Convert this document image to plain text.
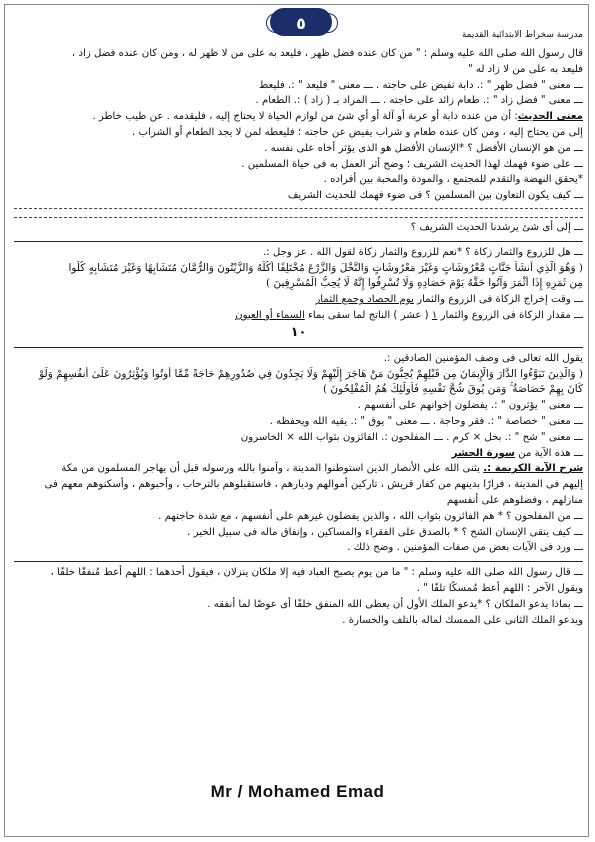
٥
مدرسة سخراط الابتدائية القديمة
قال رسول الله صلى الله عليه وسلم : " من كان عنده فضل ظهر ، فليعد به على من لا ظهر له ، ومن كان عنده فضل زاد ،
فليعد به على من لا زاد له "
ـــ معنى " فضل ظهر " :. دابة تفيض على حاجته . ـــ معنى " فليعد " :. فليعط
ـــ معنى " فضل زاد " :. طعام زائد على حاجته . ـــ المراد بـ ( زاد ) :. الطعام .
معنى الحديث: أن من عنده دابة أو عربة أو آلة أو أي شئ من لوازم الحياة لا يحتاج إليه ، فليقدمه . عن طيب خاطر .
إلى من يحتاج إليه ، ومن كان عنده طعام و شراب يفيض عن حاجته ؛ فليعطه لمن لا يجد الطعام أو الشراب .
ـــ من هو الإنسان الأفضل ؟ *الإنسان الأفضل هو الذى يؤثر أخاه على نفسه .
ـــ على ضوء فهمك لهذا الحديث الشريف ؛ وضح أثر العمل به فى حياة المسلمين .
*يحقق النهضة والتقدم للمجتمع ، والمودة والمحبة بين أفراده .
ـــ كيف يكون التعاون بين المسلمين ؟ فى ضوء فهمك للحديث الشريف
ـــ إلى أى شئ يرشدنا الحديث الشريف ؟
ـــ هل للزروع والثمار زكاة ؟ *نعم للزروع والثمار زكاة لقول الله . عز وجل :.
( وَهُوَ الَّذِي أَنشَأَ جَنَّاتٍ مَّعْرُوشَاتٍ وَغَيْرَ مَعْرُوشَاتٍ وَالنَّخْلَ وَالزَّرْعَ مُخْتَلِفًا أُكُلُهُ وَالزَّيْتُونَ وَالرُّمَّانَ مُتَشَابِهًا وَغَيْرَ مُتَشَابِهٍ كُلُوا
مِن ثَمَرِهِ إِذَا أَثْمَرَ وَآتُوا حَقَّهُ يَوْمَ حَصَادِهِ وَلَا تُسْرِفُوا إِنَّهُ لَا يُحِبُّ الْمُسْرِفِينَ )
ـــ وقت إخراج الزكاة فى الزروع والثمار يوم الحصاد وجمع الثمار
ـــ مقدار الزكاة فى الزروع والثمار ١ ( عشر ) الناتج لما سقى بماء السماء أو العيون
١٠
يقول الله تعالى فى وصف المؤمنين الصادقين :.
( وَالَّذِينَ تَبَوَّءُوا الدَّارَ وَالْإِيمَانَ مِن قَبْلِهِمْ يُحِبُّونَ مَنْ هَاجَرَ إِلَيْهِمْ وَلَا يَجِدُونَ فِي صُدُورِهِمْ حَاجَةً مِّمَّا أُوتُوا وَيُؤْثِرُونَ عَلَىٰ أَنفُسِهِمْ وَلَوْ
كَانَ بِهِمْ خَصَاصَةٌ ۚ وَمَن يُوقَ شُحَّ نَفْسِهِ فَأُولَٰئِكَ هُمُ الْمُفْلِحُونَ )
ـــ معنى " يؤثرون " :. يفضلون إخوانهم على أنفسهم .
ـــ معنى " خصاصة " :. فقر وحاجة . ـــ معنى " يوق " :. يقيه الله ويحفظه .
ـــ معنى " شح " :. بخل × كرم . ـــ المفلحون :. الفائزون بثواب الله × الخاسرون
ـــ هذه الآية من سورة الحشر
شرح الآية الكريمة :. يثنى الله على الأنصار الذين استوطنوا المدينة ، وآمنوا بالله ورسوله قبل أن يهاجر المسلمون من مكة
إليهم فى المدينة ، فرارًا بدينهم من كفار قريش ، تاركين أموالهم وديارهم ، فاستقبلوهم بالترحاب ، وأحبوهم ، وأسكنوهم معهم فى
منازلهم ، وفضلوهم على أنفسهم
ـــ من المفلحون ؟ * هم الفائزون بثواب الله ، والذين يفضلون غيرهم على أنفسهم ، مع شدة حاجتهم .
ـــ كيف يتقى الإنسان الشح ؟ * بالصدق على الفقراء والمساكين ، وإنفاق ماله فى سبيل الخير .
ـــ ورد فى الآيات بعض من صفات المؤمنين . وضح ذلك .
ـــ قال رسول الله صلى الله عليه وسلم : " ما من يوم يصبح العباد فيه إلا ملكان ينزلان ، فيقول أحدهما : اللهم أعط مُنفقًا خلفًا ،
ويقول الآخر : اللهم أعط مُمسكًا تلفًا " .
ـــ بماذا يدعو الملكان ؟ *يدعو الملك الأول أن يعطى الله المنفق خلفًا أى عوضًا لما أنفقه .
ويدعو الملك الثانى على الممسك لماله بالتلف والخسارة .
Mr / Mohamed Emad
